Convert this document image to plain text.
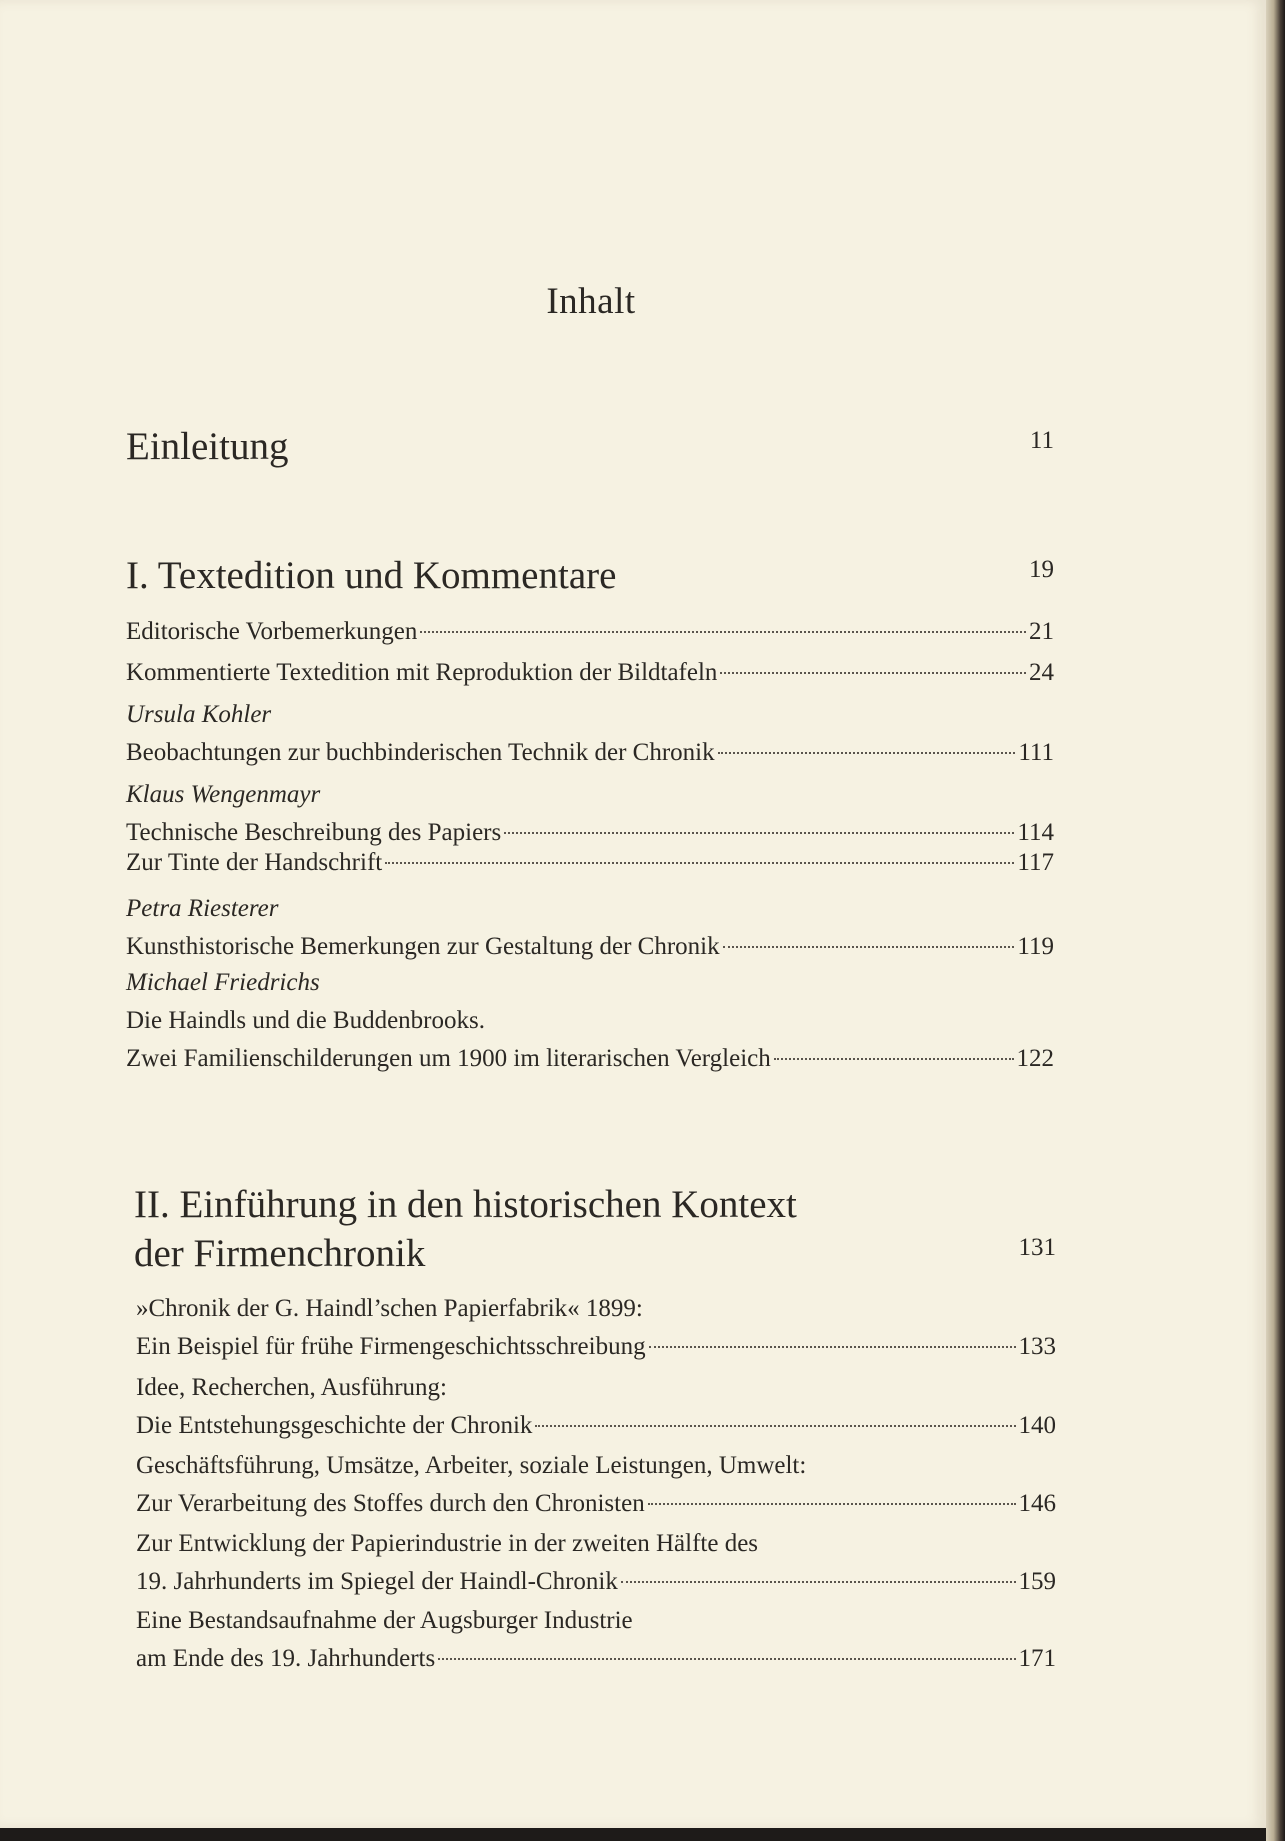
Inhalt
Einleitung	11
I. Textedition und Kommentare	19
Editorische Vorbemerkungen	21
Kommentierte Textedition mit Reproduktion der Bildtafeln	24
Ursula Kohler
Beobachtungen zur buchbinderischen Technik der Chronik	111
Klaus Wengenmayr
Technische Beschreibung des Papiers	114
Zur Tinte der Handschrift	117
Petra Riesterer
Kunsthistorische Bemerkungen zur Gestaltung der Chronik	119
Michael Friedrichs
Die Haindls und die Buddenbrooks.
Zwei Familienschilderungen um 1900 im literarischen Vergleich	122
II. Einführung in den historischen Kontext
der Firmenchronik	131
»Chronik der G. Haindl’schen Papierfabrik« 1899:
Ein Beispiel für frühe Firmengeschichtsschreibung	133
Idee, Recherchen, Ausführung:
Die Entstehungsgeschichte der Chronik	140
Geschäftsführung, Umsätze, Arbeiter, soziale Leistungen, Umwelt:
Zur Verarbeitung des Stoffes durch den Chronisten	146
Zur Entwicklung der Papierindustrie in der zweiten Hälfte des
19. Jahrhunderts im Spiegel der Haindl-Chronik	159
Eine Bestandsaufnahme der Augsburger Industrie
am Ende des 19. Jahrhunderts	171
